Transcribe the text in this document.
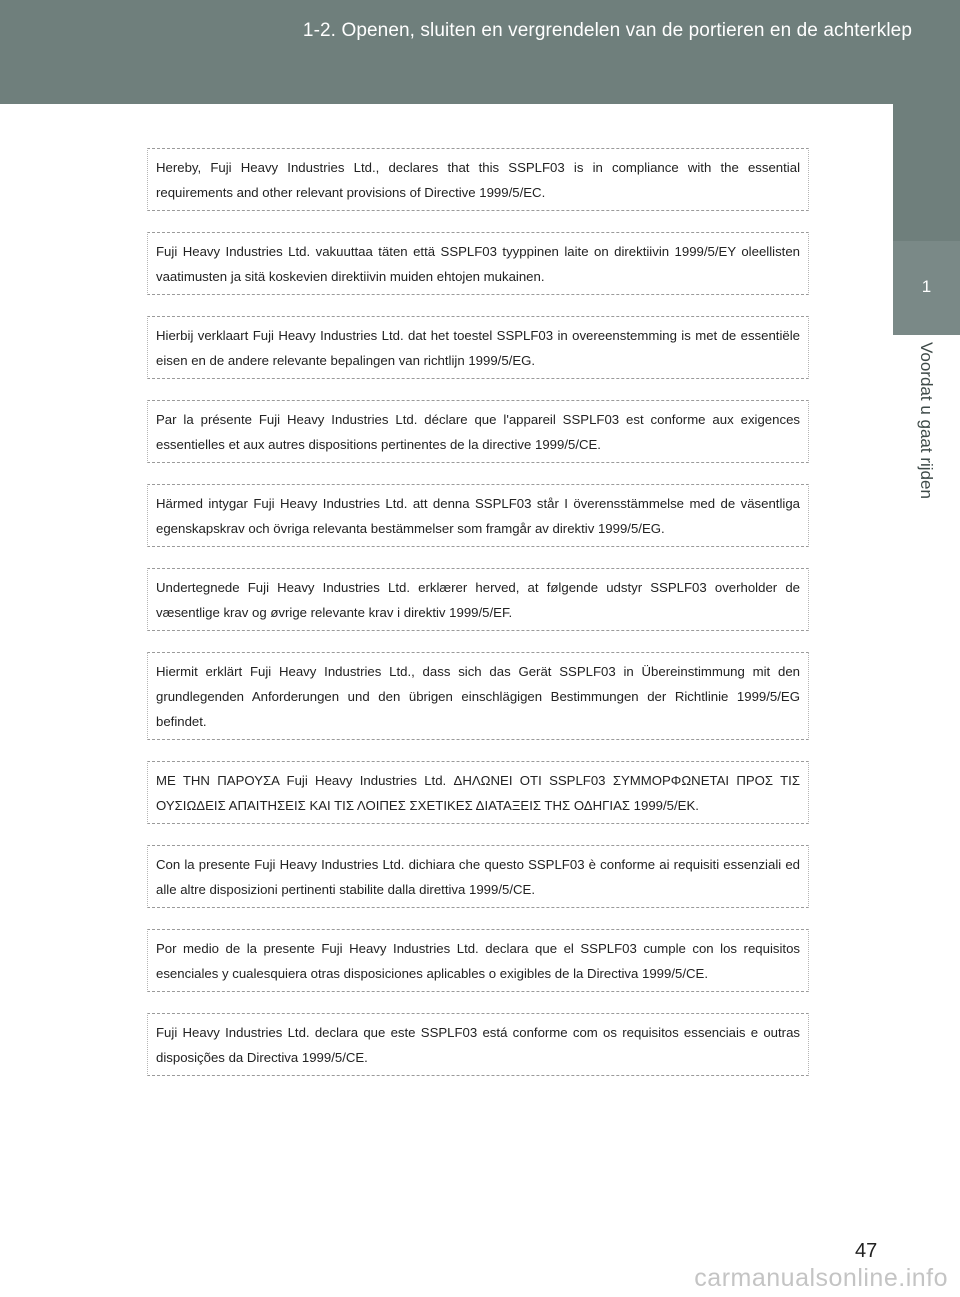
1-2. Openen, sluiten en vergrendelen van de portieren en de achterklep
1
Voordat u gaat rijden
Hereby, Fuji Heavy Industries Ltd., declares that this SSPLF03 is in compliance with the essential requirements and other relevant provisions of Directive 1999/5/EC.
Fuji Heavy Industries Ltd. vakuuttaa täten että SSPLF03 tyyppinen laite on direktiivin 1999/5/EY oleellisten vaatimusten ja sitä koskevien direktiivin muiden ehtojen mukainen.
Hierbij verklaart Fuji Heavy Industries Ltd. dat het toestel SSPLF03 in overeenstemming is met de essentiële eisen en de andere relevante bepalingen van richtlijn 1999/5/EG.
Par la présente Fuji Heavy Industries Ltd. déclare que l'appareil SSPLF03 est conforme aux exigences essentielles et aux autres dispositions pertinentes de la directive 1999/5/CE.
Härmed intygar Fuji Heavy Industries Ltd. att denna SSPLF03 står I överensstämmelse med de väsentliga egenskapskrav och övriga relevanta bestämmelser som framgår av direktiv 1999/5/EG.
Undertegnede Fuji Heavy Industries Ltd. erklærer herved, at følgende udstyr SSPLF03 overholder de væsentlige krav og øvrige relevante krav i direktiv 1999/5/EF.
Hiermit erklärt Fuji Heavy Industries Ltd., dass sich das Gerät SSPLF03 in Übereinstimmung mit den grundlegenden Anforderungen und den übrigen einschlägigen Bestimmungen der Richtlinie 1999/5/EG befindet.
ΜΕ ΤΗΝ ΠΑΡΟΥΣΑ Fuji Heavy Industries Ltd. ΔΗΛΩΝΕΙ ΟΤΙ SSPLF03 ΣΥΜΜΟΡΦΩΝΕΤΑΙ ΠΡΟΣ ΤΙΣ ΟΥΣΙΩΔΕΙΣ ΑΠΑΙΤΗΣΕΙΣ ΚΑΙ ΤΙΣ ΛΟΙΠΕΣ ΣΧΕΤΙΚΕΣ ΔΙΑΤΑΞΕΙΣ ΤΗΣ ΟΔΗΓΙΑΣ 1999/5/ΕΚ.
Con la presente Fuji Heavy Industries Ltd. dichiara che questo SSPLF03 è conforme ai requisiti essenziali ed alle altre disposizioni pertinenti stabilite dalla direttiva 1999/5/CE.
Por medio de la presente Fuji Heavy Industries Ltd. declara que el SSPLF03 cumple con los requisitos esenciales y cualesquiera otras disposiciones aplicables o exigibles de la Directiva 1999/5/CE.
Fuji Heavy Industries Ltd. declara que este SSPLF03 está conforme com os requisitos essenciais e outras disposições da Directiva 1999/5/CE.
47
carmanualsonline.info
